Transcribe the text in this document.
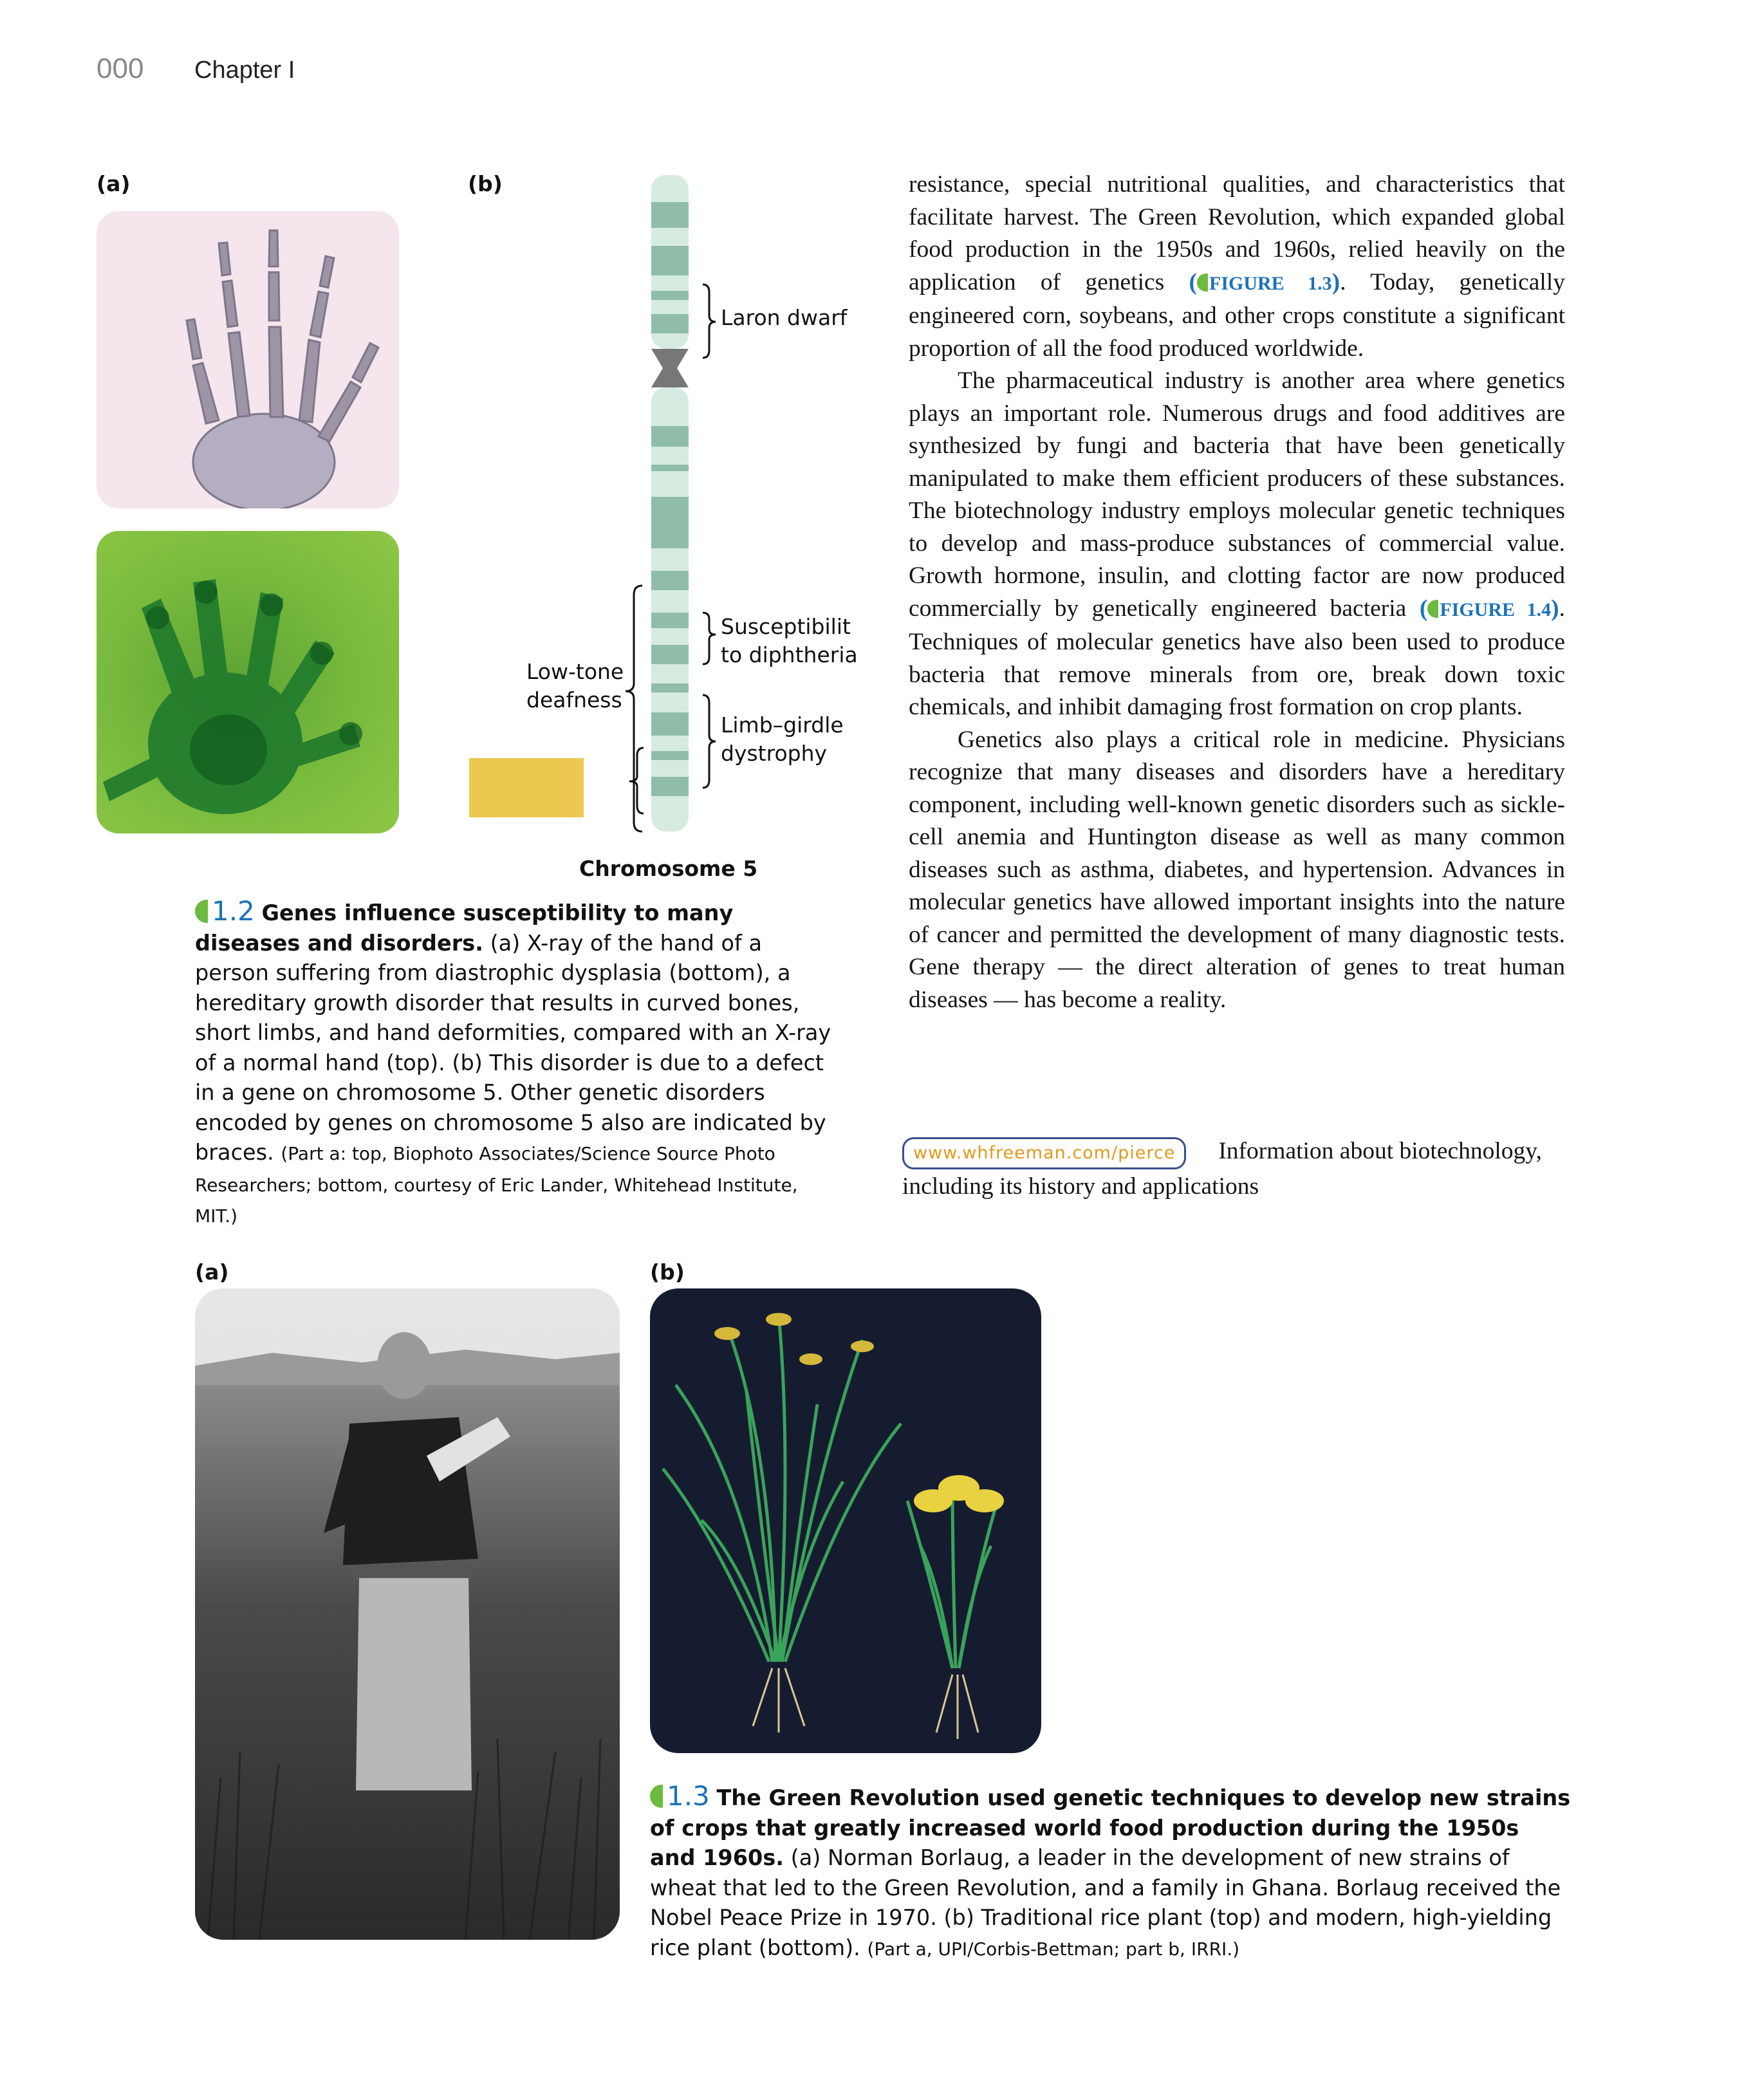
000 Chapter I
(a)	(b)
Laron dwarf
Susceptibilit
to diphtheria
Low-tone
deafness
Limb–girdle
dystrophy
Chromosome 5
1.2 Genes influence susceptibility to many diseases and disorders. (a) X-ray of the hand of a person suffering from diastrophic dysplasia (bottom), a hereditary growth disorder that results in curved bones, short limbs, and hand deformities, compared with an X-ray of a normal hand (top). (b) This disorder is due to a defect in a gene on chromosome 5. Other genetic disorders encoded by genes on chromosome 5 also are indicated by braces. (Part a: top, Biophoto Associates/Science Source Photo Researchers; bottom, courtesy of Eric Lander, Whitehead Institute, MIT.)

resistance, special nutritional qualities, and characteristics that facilitate harvest. The Green Revolution, which expanded global food production in the 1950s and 1960s, relied heavily on the application of genetics ( FIGURE 1.3). Today, genetically engineered corn, soybeans, and other crops constitute a significant proportion of all the food produced worldwide.

The pharmaceutical industry is another area where genetics plays an important role. Numerous drugs and food additives are synthesized by fungi and bacteria that have been genetically manipulated to make them efficient producers of these substances. The biotechnology industry employs molecular genetic techniques to develop and mass-produce substances of commercial value. Growth hormone, insulin, and clotting factor are now produced commercially by genetically engineered bacteria ( FIGURE 1.4). Techniques of molecular genetics have also been used to produce bacteria that remove minerals from ore, break down toxic chemicals, and inhibit damaging frost formation on crop plants.

Genetics also plays a critical role in medicine. Physicians recognize that many diseases and disorders have a hereditary component, including well-known genetic disorders such as sickle-cell anemia and Huntington disease as well as many common diseases such as asthma, diabetes, and hypertension. Advances in molecular genetics have allowed important insights into the nature of cancer and permitted the development of many diagnostic tests. Gene therapy — the direct alteration of genes to treat human diseases — has become a reality.

www.whfreeman.com/pierce Information about biotechnology, including its history and applications
(a)	(b)
1.3 The Green Revolution used genetic techniques to develop new strains of crops that greatly increased world food production during the 1950s and 1960s. (a) Norman Borlaug, a leader in the development of new strains of wheat that led to the Green Revolution, and a family in Ghana. Borlaug received the Nobel Peace Prize in 1970. (b) Traditional rice plant (top) and modern, high-yielding rice plant (bottom). (Part a, UPI/Corbis-Bettman; part b, IRRI.)
